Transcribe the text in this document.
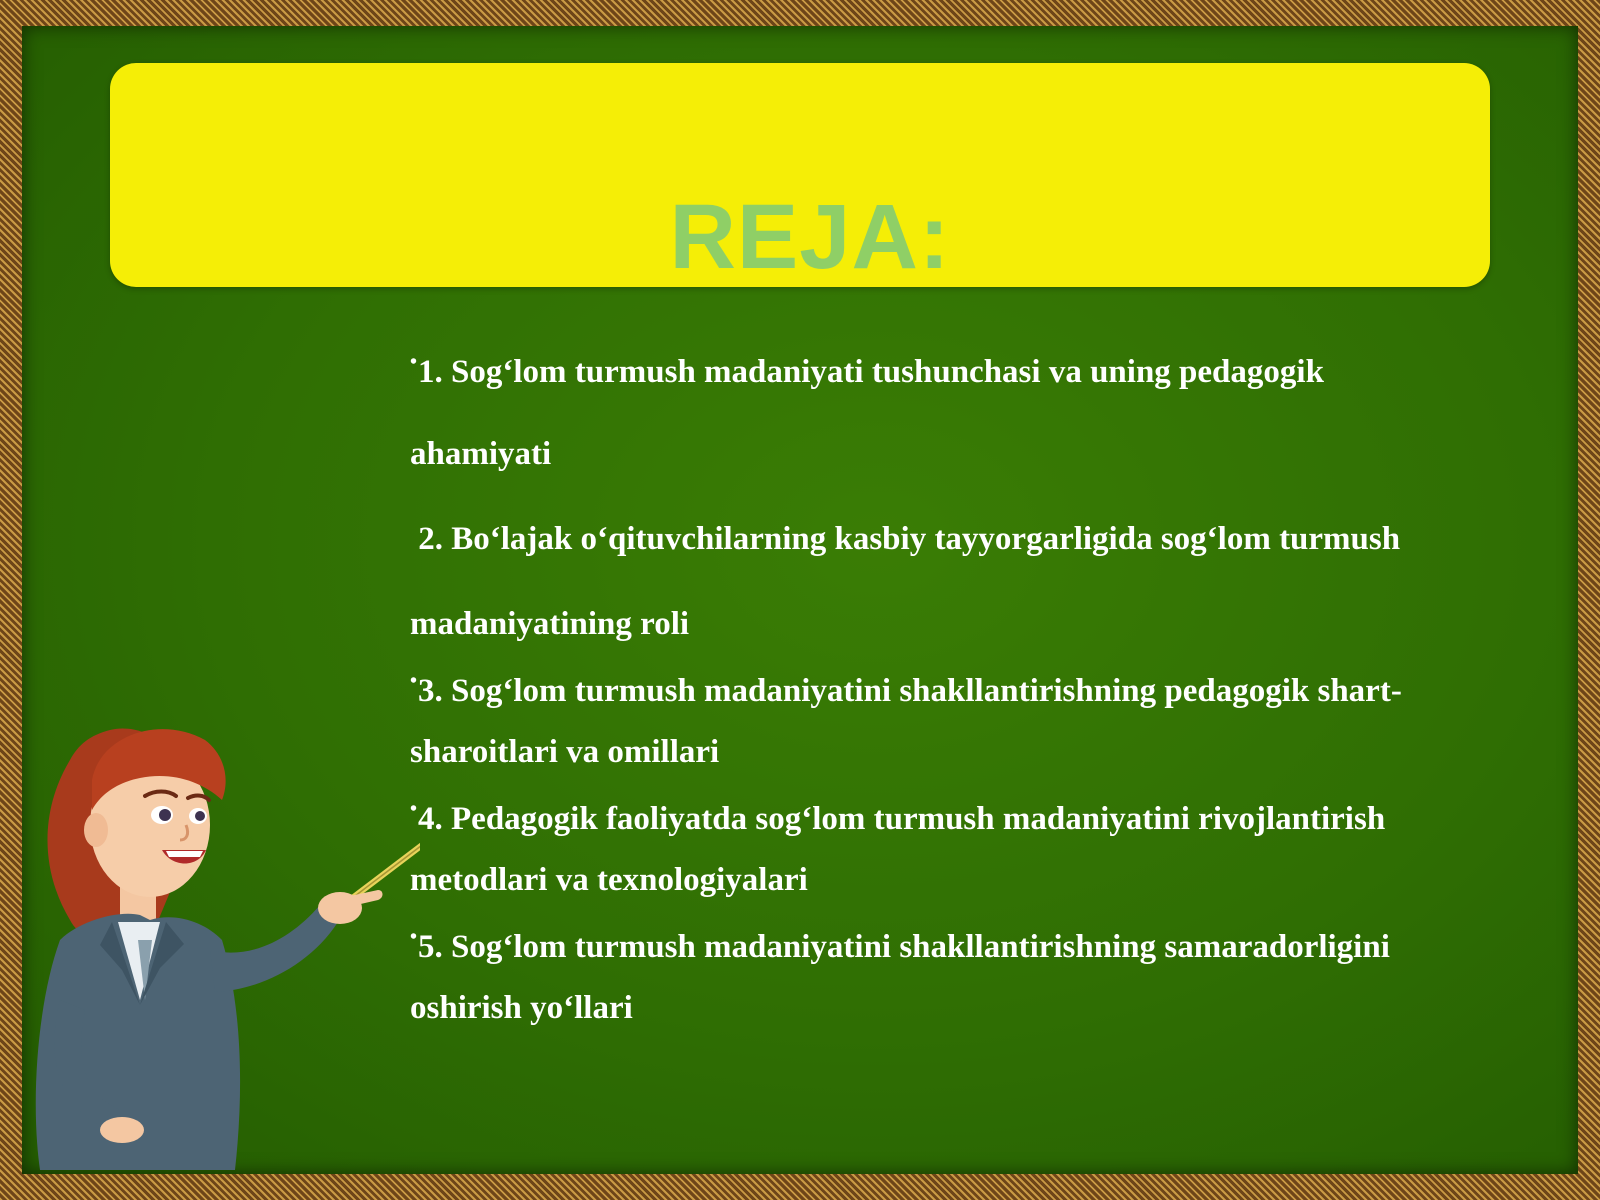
REJA:
•1. Sog‘lom turmush madaniyati tushunchasi va uning pedagogik
ahamiyati
2. Bo‘lajak o‘qituvchilarning kasbiy tayyorgarligida sog‘lom turmush
madaniyatining roli
•3. Sog‘lom turmush madaniyatini shakllantirishning pedagogik shart-
sharoitlari va omillari
•4. Pedagogik faoliyatda sog‘lom turmush madaniyatini rivojlantirish
metodlari va texnologiyalari
•5. Sog‘lom turmush madaniyatini shakllantirishning samaradorligini
oshirish yo‘llari
